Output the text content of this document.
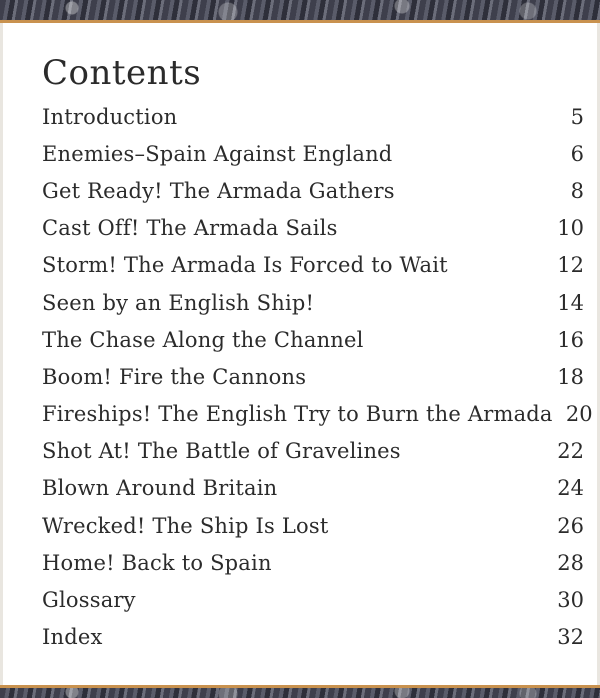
Contents
Introduction	5
Enemies–Spain Against England	6
Get Ready! The Armada Gathers	8
Cast Off! The Armada Sails	10
Storm! The Armada Is Forced to Wait	12
Seen by an English Ship!	14
The Chase Along the Channel	16
Boom! Fire the Cannons	18
Fireships! The English Try to Burn the Armada 20
Shot At! The Battle of Gravelines	22
Blown Around Britain	24
Wrecked! The Ship Is Lost	26
Home! Back to Spain	28
Glossary	30
Index	32
